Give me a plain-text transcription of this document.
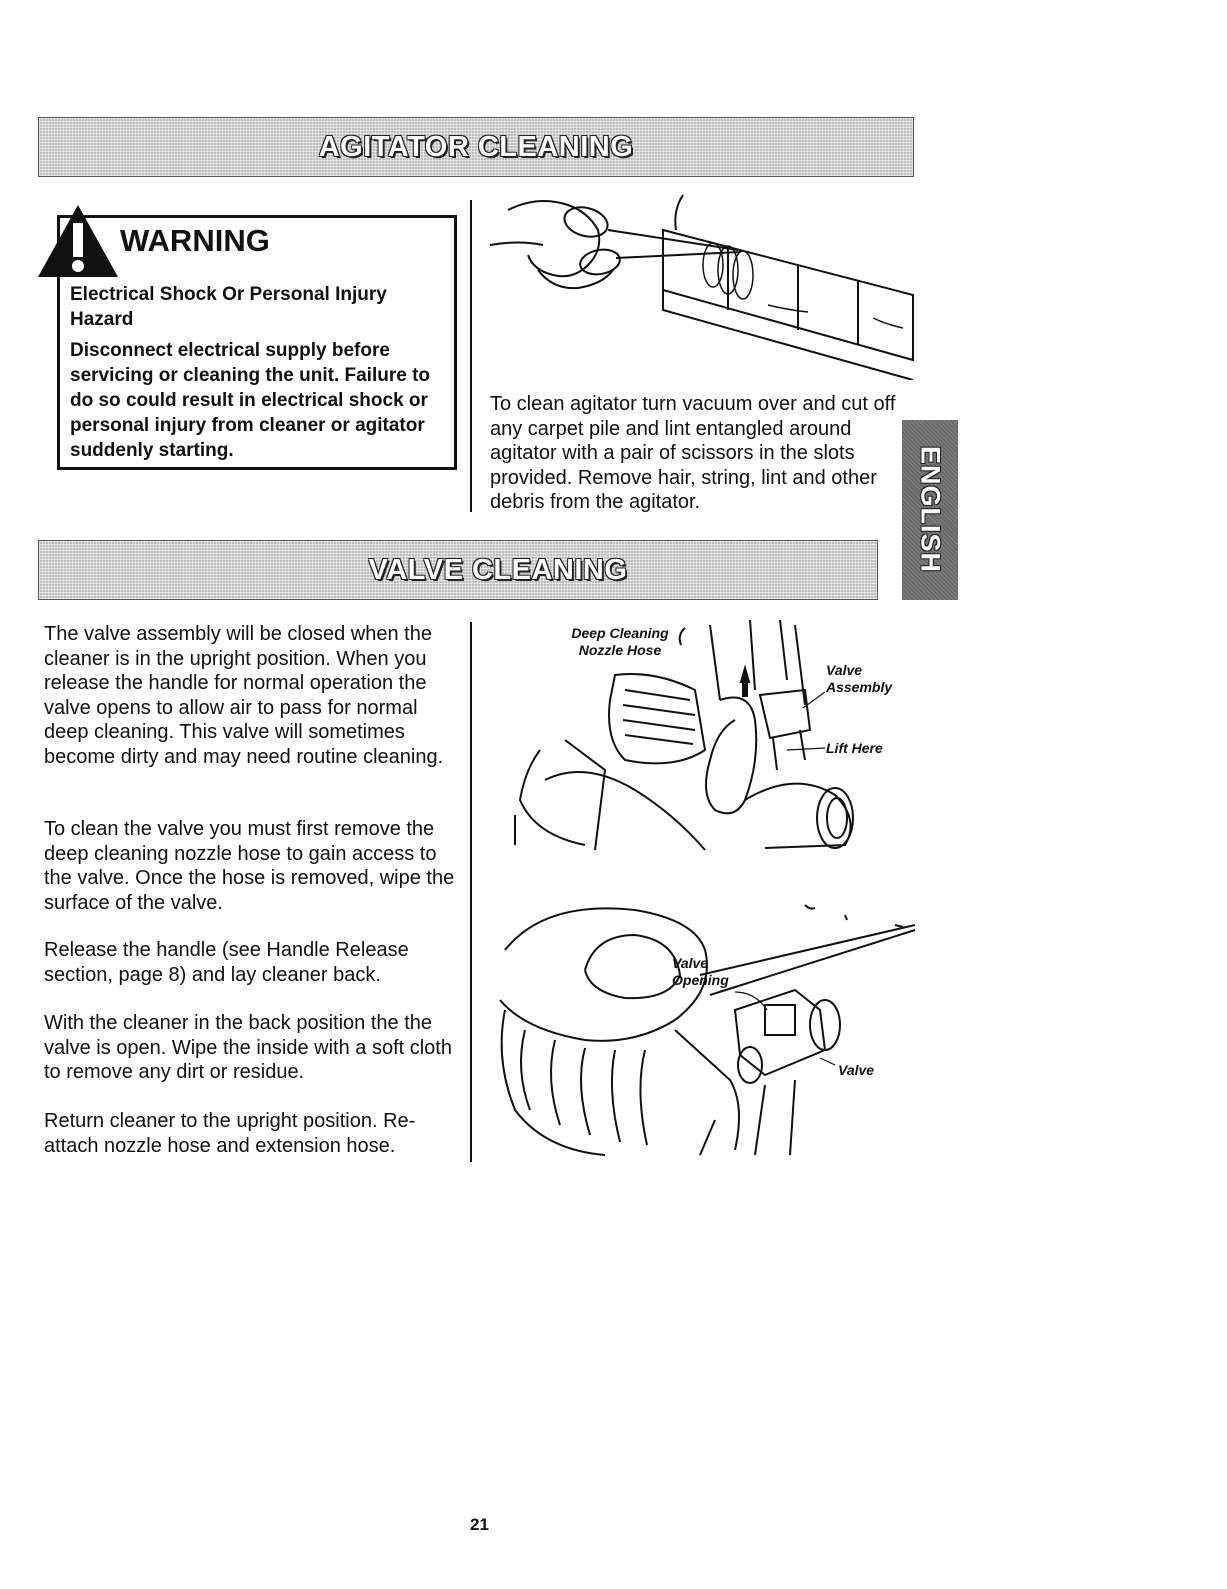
AGITATOR CLEANING
VALVE CLEANING
WARNING

Electrical Shock Or Personal Injury Hazard

Disconnect electrical supply before servicing or cleaning the unit. Failure to do so could result in electrical shock or personal injury from cleaner or agitator suddenly starting.

To clean agitator turn vacuum over and cut off any carpet pile and lint entangled around agitator with a pair of scissors in the slots provided. Remove hair, string, lint and other debris from the agitator.	ENGLISH

The valve assembly will be closed when the cleaner is in the upright position. When you release the handle for normal operation the valve opens to allow air to pass for normal deep cleaning. This valve will sometimes become dirty and may need routine cleaning.

To clean the valve you must first remove the deep cleaning nozzle hose to gain access to the valve. Once the hose is removed, wipe the surface of the valve.

Release the handle (see Handle Release section, page 8) and lay cleaner back.

With the cleaner in the back position the the valve is open. Wipe the inside with a soft cloth to remove any dirt or residue.

Return cleaner to the upright position. Re-attach nozzle hose and extension hose.

Deep Cleaning Nozzle Hose

Valve Assembly

Lift Here

Valve Opening

Valve

21
